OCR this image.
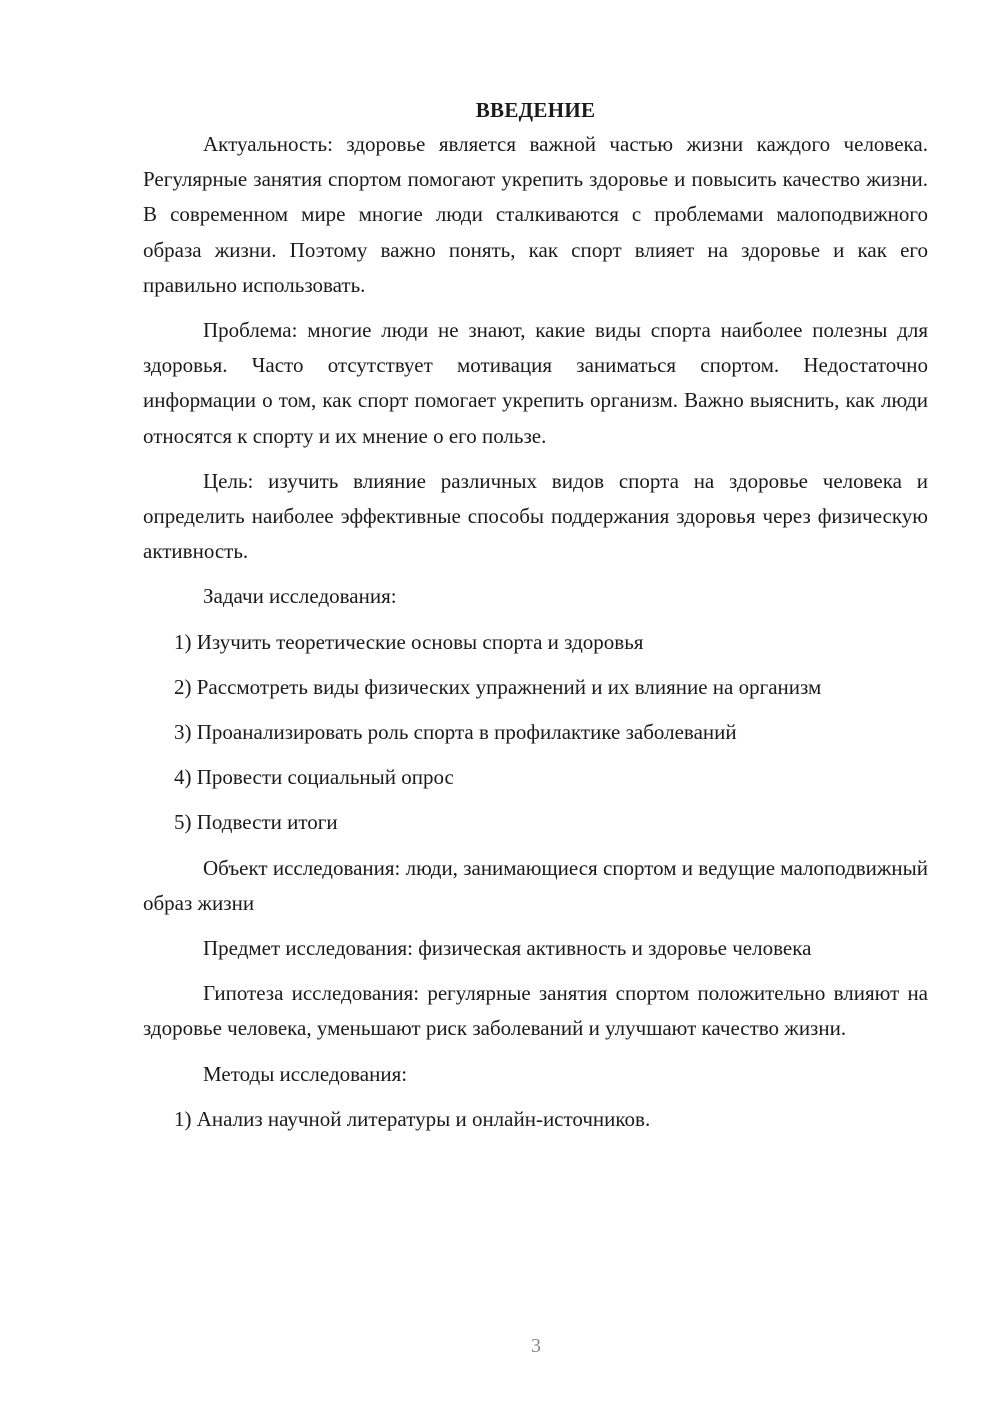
ВВЕДЕНИЕ

Актуальность: здоровье является важной частью жизни каждого человека. Регулярные занятия спортом помогают укрепить здоровье и повысить качество жизни. В современном мире многие люди сталкиваются с проблемами малоподвижного образа жизни. Поэтому важно понять, как спорт влияет на здоровье и как его правильно использовать.

Проблема: многие люди не знают, какие виды спорта наиболее полезны для здоровья. Часто отсутствует мотивация заниматься спортом. Недостаточно информации о том, как спорт помогает укрепить организм. Важно выяснить, как люди относятся к спорту и их мнение о его пользе.

Цель: изучить влияние различных видов спорта на здоровье человека и определить наиболее эффективные способы поддержания здоровья через физическую активность.

Задачи исследования:

1) Изучить теоретические основы спорта и здоровья

2) Рассмотреть виды физических упражнений и их влияние на организм

3) Проанализировать роль спорта в профилактике заболеваний

4) Провести социальный опрос

5) Подвести итоги

Объект исследования: люди, занимающиеся спортом и ведущие малоподвижный образ жизни

Предмет исследования: физическая активность и здоровье человека

Гипотеза исследования: регулярные занятия спортом положительно влияют на здоровье человека, уменьшают риск заболеваний и улучшают качество жизни.

Методы исследования:

1) Анализ научной литературы и онлайн-источников.

3
